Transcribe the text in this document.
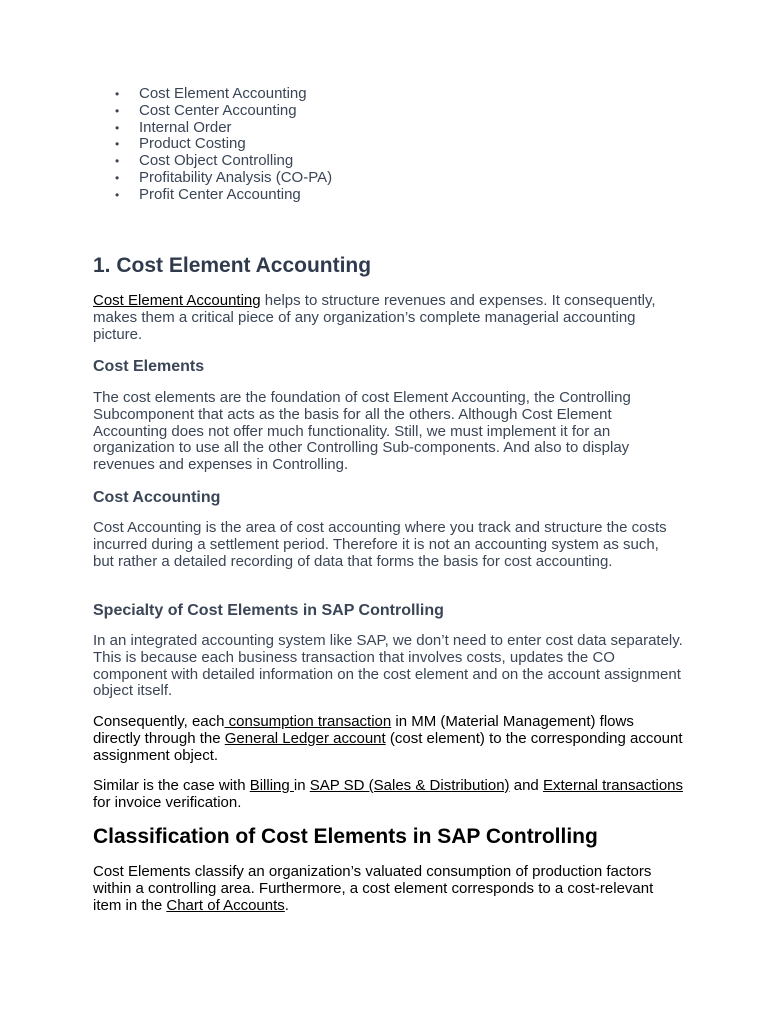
• Cost Element Accounting
• Cost Center Accounting
• Internal Order
• Product Costing
• Cost Object Controlling
• Profitability Analysis (CO-PA)
• Profit Center Accounting
1. Cost Element Accounting

Cost Element Accounting helps to structure revenues and expenses. It consequently, makes them a critical piece of any organization’s complete managerial accounting picture.

Cost Elements

The cost elements are the foundation of cost Element Accounting, the Controlling Subcomponent that acts as the basis for all the others. Although Cost Element Accounting does not offer much functionality. Still, we must implement it for an organization to use all the other Controlling Sub-components. And also to display revenues and expenses in Controlling.

Cost Accounting

Cost Accounting is the area of cost accounting where you track and structure the costs incurred during a settlement period. Therefore it is not an accounting system as such, but rather a detailed recording of data that forms the basis for cost accounting.

Specialty of Cost Elements in SAP Controlling

In an integrated accounting system like SAP, we don’t need to enter cost data separately. This is because each business transaction that involves costs, updates the CO component with detailed information on the cost element and on the account assignment object itself.

Consequently, each consumption transaction in MM (Material Management) flows directly through the General Ledger account (cost element) to the corresponding account assignment object.

Similar is the case with Billing in SAP SD (Sales & Distribution) and External transactions for invoice verification.

Classification of Cost Elements in SAP Controlling

Cost Elements classify an organization’s valuated consumption of production factors within a controlling area. Furthermore, a cost element corresponds to a cost-relevant item in the Chart of Accounts.
